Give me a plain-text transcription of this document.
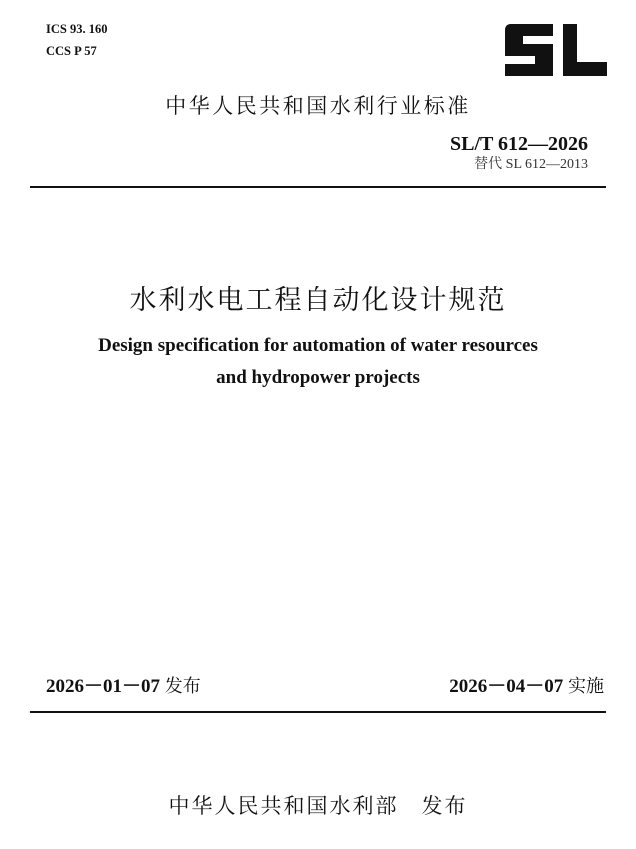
ICS 93. 160
CCS P 57
中华人民共和国水利行业标准
SL/T 612—2026
替代 SL 612—2013
水利水电工程自动化设计规范
Design specification for automation of water resources
and hydropower projects
2026－01－07 发布	2026－04－07 实施
中华人民共和国水利部　发布
